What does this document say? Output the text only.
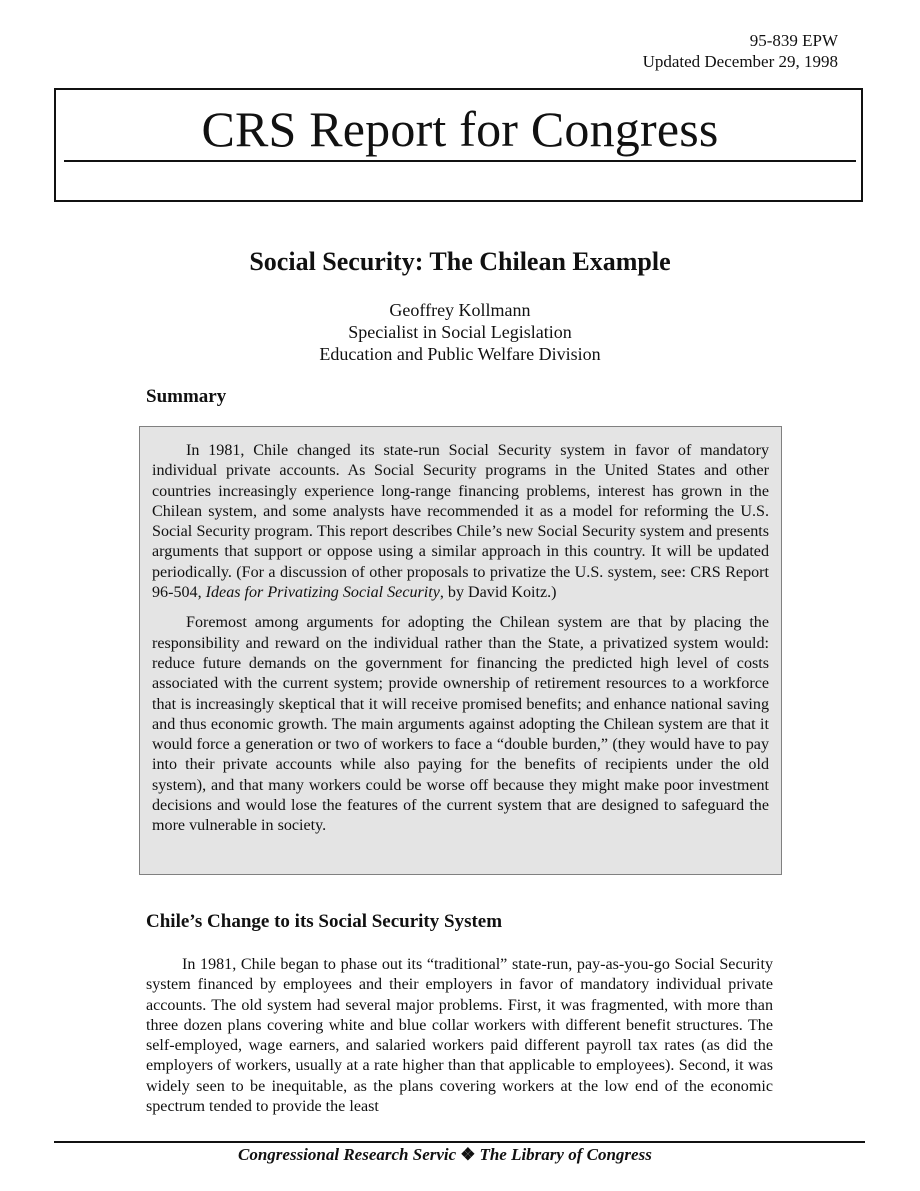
95-839 EPW
Updated December 29, 1998
CRS Report for Congress
Social Security: The Chilean Example
Geoffrey Kollmann
Specialist in Social Legislation
Education and Public Welfare Division
Summary

In 1981, Chile changed its state-run Social Security system in favor of mandatory individual private accounts. As Social Security programs in the United States and other countries increasingly experience long-range financing problems, interest has grown in the Chilean system, and some analysts have recommended it as a model for reforming the U.S. Social Security program. This report describes Chile’s new Social Security system and presents arguments that support or oppose using a similar approach in this country. It will be updated periodically. (For a discussion of other proposals to privatize the U.S. system, see: CRS Report 96-504, Ideas for Privatizing Social Security, by David Koitz.)

Foremost among arguments for adopting the Chilean system are that by placing the responsibility and reward on the individual rather than the State, a privatized system would: reduce future demands on the government for financing the predicted high level of costs associated with the current system; provide ownership of retirement resources to a workforce that is increasingly skeptical that it will receive promised benefits; and enhance national saving and thus economic growth. The main arguments against adopting the Chilean system are that it would force a generation or two of workers to face a “double burden,” (they would have to pay into their private accounts while also paying for the benefits of recipients under the old system), and that many workers could be worse off because they might make poor investment decisions and would lose the features of the current system that are designed to safeguard the more vulnerable in society.

Chile’s Change to its Social Security System

In 1981, Chile began to phase out its “traditional” state-run, pay-as-you-go Social Security system financed by employees and their employers in favor of mandatory individual private accounts. The old system had several major problems. First, it was fragmented, with more than three dozen plans covering white and blue collar workers with different benefit structures. The self-employed, wage earners, and salaried workers paid different payroll tax rates (as did the employers of workers, usually at a rate higher than that applicable to employees). Second, it was widely seen to be inequitable, as the plans covering workers at the low end of the economic spectrum tended to provide the least

Congressional Research Servic ❖ The Library of Congress
